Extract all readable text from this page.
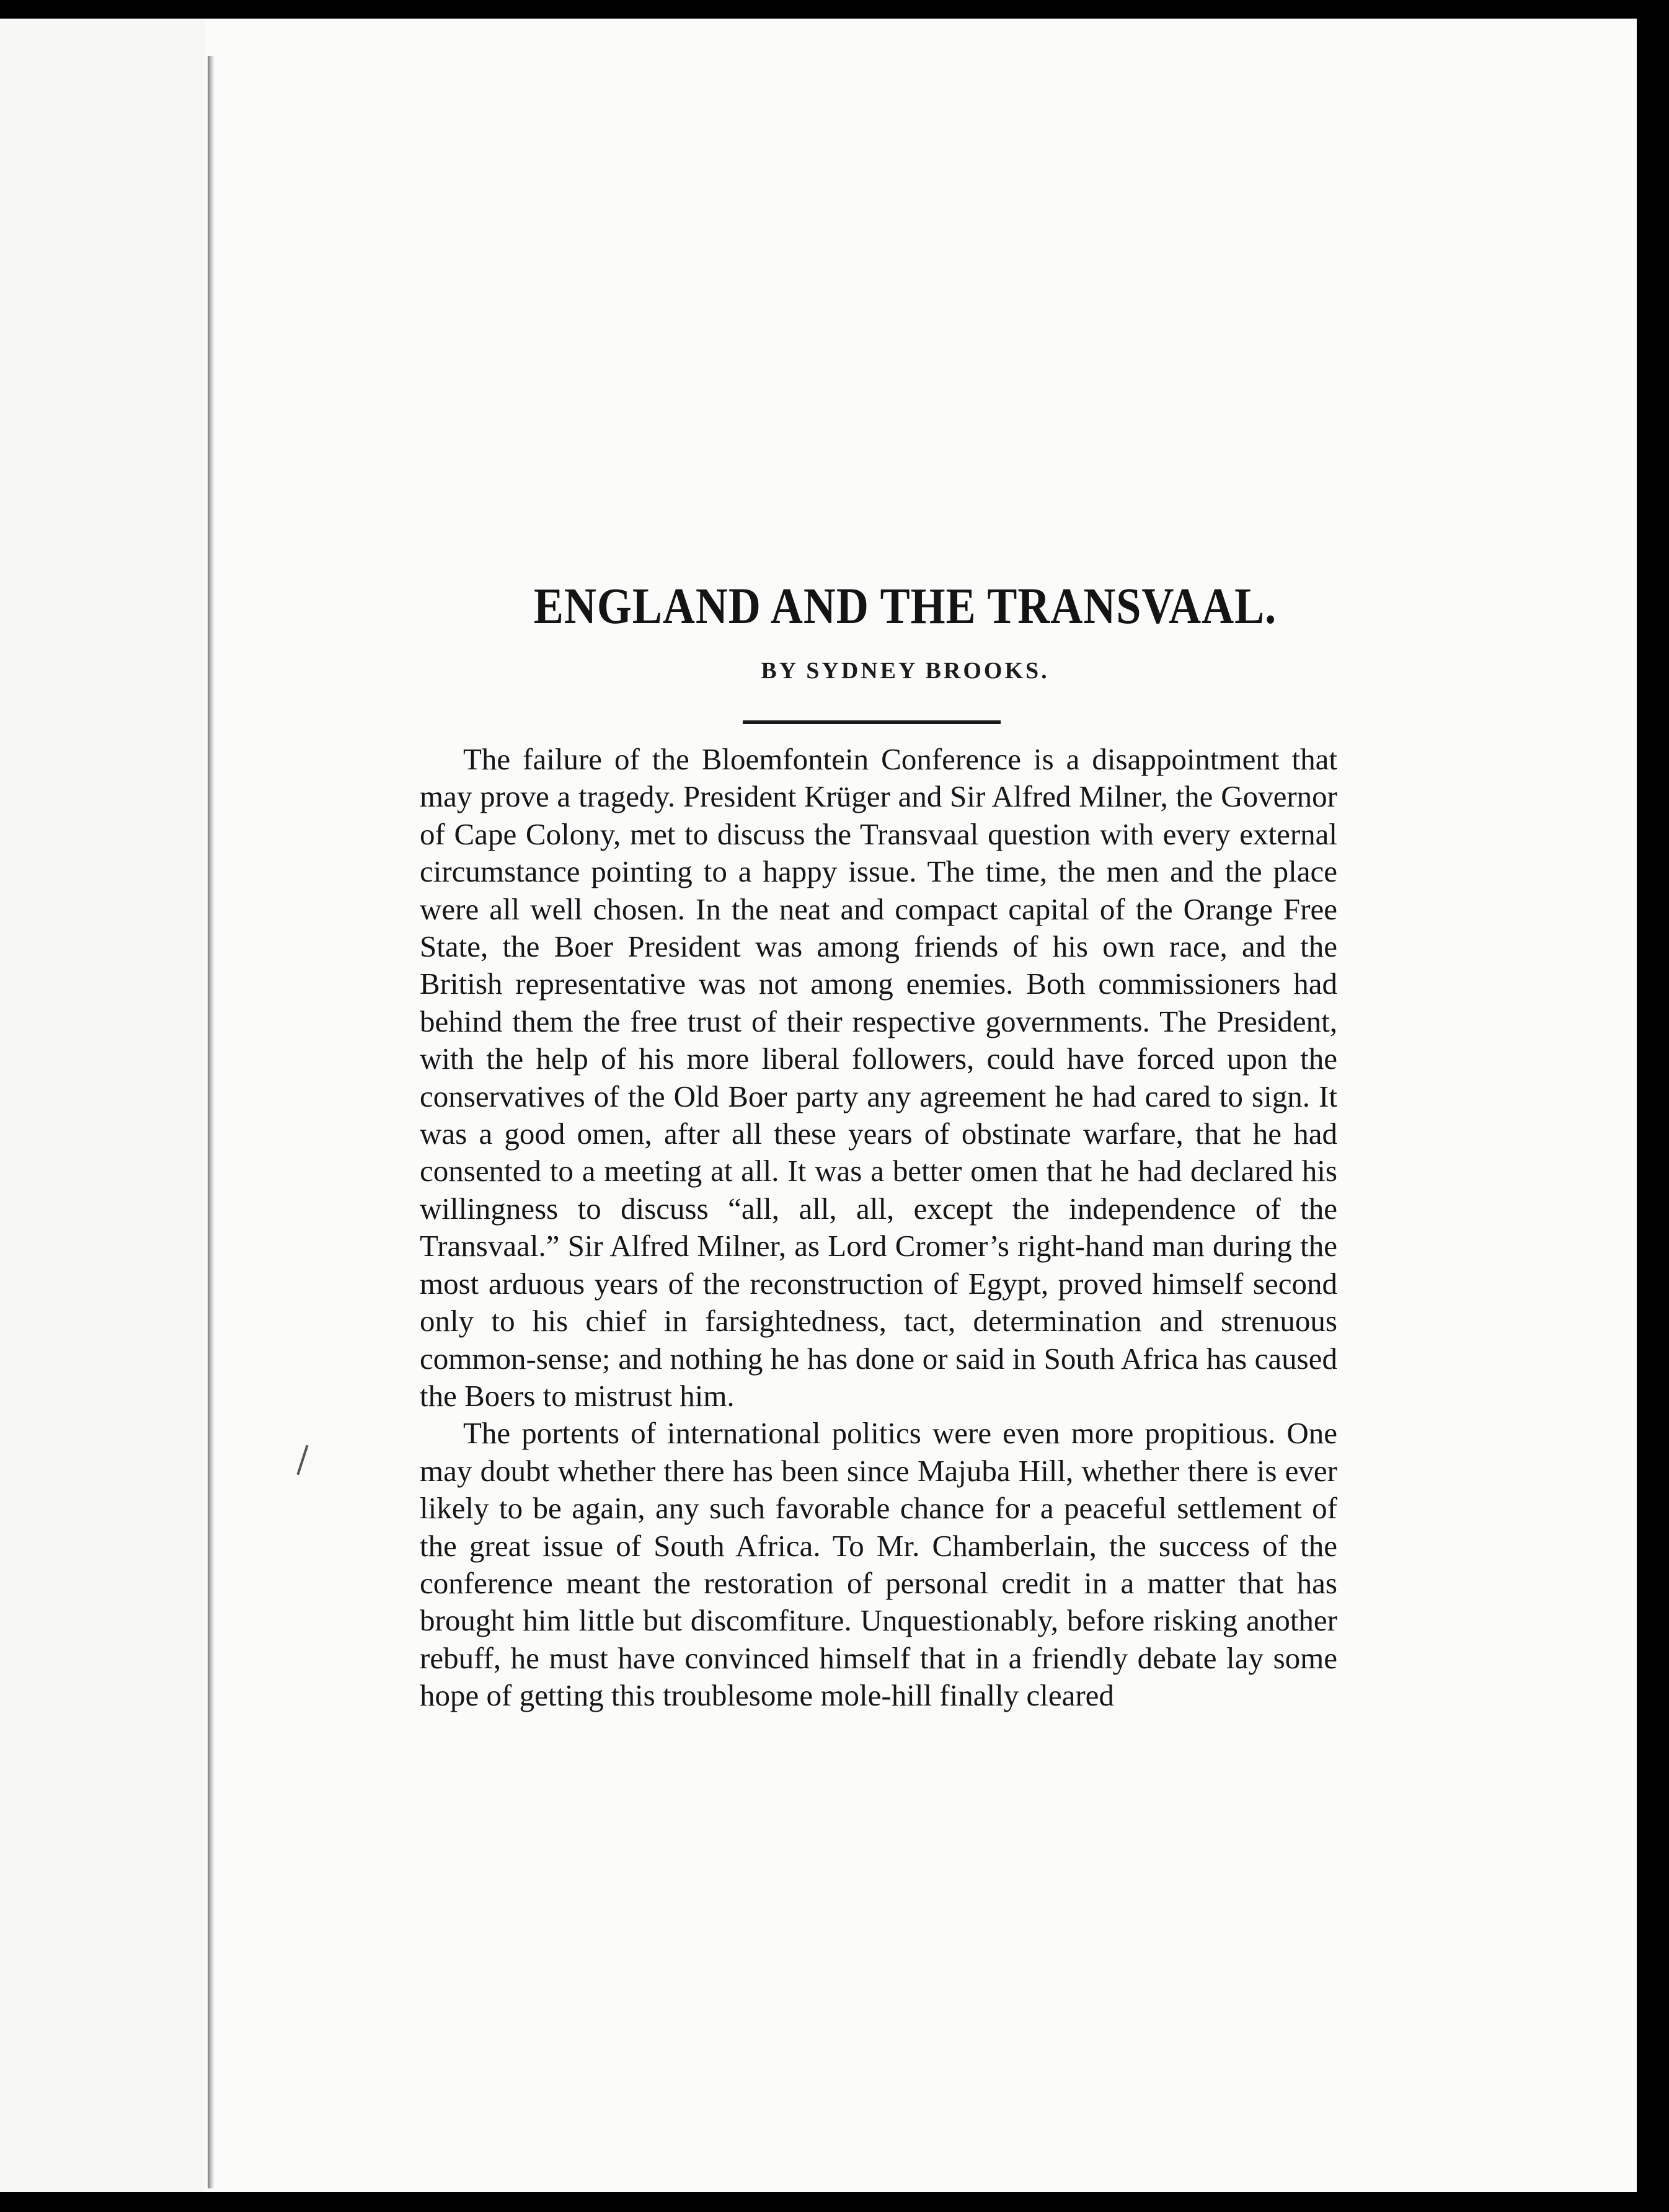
ENGLAND AND THE TRANSVAAL.
BY SYDNEY BROOKS.

The failure of the Bloemfontein Conference is a disappointment that may prove a tragedy. President Krüger and Sir Alfred Milner, the Governor of Cape Colony, met to discuss the Transvaal question with every external circumstance pointing to a happy issue. The time, the men and the place were all well chosen. In the neat and compact capital of the Orange Free State, the Boer President was among friends of his own race, and the British representative was not among enemies. Both commissioners had behind them the free trust of their respective governments. The President, with the help of his more liberal followers, could have forced upon the conservatives of the Old Boer party any agreement he had cared to sign. It was a good omen, after all these years of obstinate warfare, that he had consented to a meeting at all. It was a better omen that he had declared his willingness to discuss “all, all, all, except the independence of the Transvaal.” Sir Alfred Milner, as Lord Cromer’s right-hand man during the most arduous years of the reconstruction of Egypt, proved himself second only to his chief in farsightedness, tact, determination and strenuous common-sense; and nothing he has done or said in South Africa has caused the Boers to mistrust him.

The portents of international politics were even more propitious. One may doubt whether there has been since Majuba Hill, whether there is ever likely to be again, any such favorable chance for a peaceful settlement of the great issue of South Africa. To Mr. Chamberlain, the success of the conference meant the restoration of personal credit in a matter that has brought him little but discomfiture. Unquestionably, before risking another rebuff, he must have convinced himself that in a friendly debate lay some hope of getting this troublesome mole-hill finally cleared
